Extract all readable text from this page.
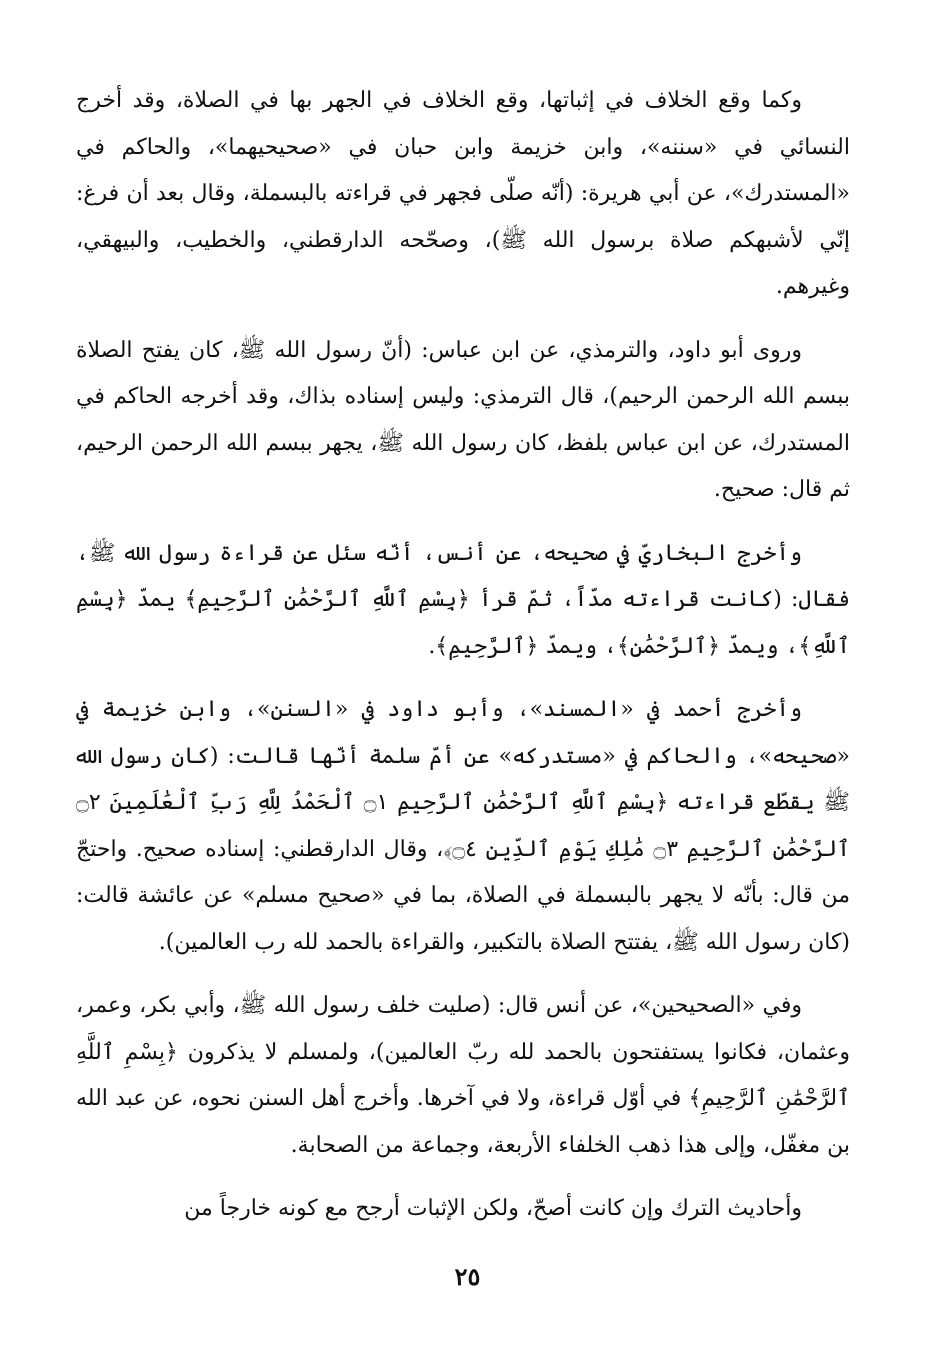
وكما وقع الخلاف في إثباتها، وقع الخلاف في الجهر بها في الصلاة، وقد أخرج النسائي في «سننه»، وابن خزيمة وابن حبان في «صحيحيهما»، والحاكم في «المستدرك»، عن أبي هريرة: (أنّه صلّى فجهر في قراءته بالبسملة، وقال بعد أن فرغ: إنّي لأشبهكم صلاة برسول الله ﷺ)، وصحّحه الدارقطني، والخطيب، والبيهقي، وغيرهم.

وروى أبو داود، والترمذي، عن ابن عباس: (أنّ رسول الله ﷺ، كان يفتح الصلاة ببسم الله الرحمن الرحيم)، قال الترمذي: وليس إسناده بذاك، وقد أخرجه الحاكم في المستدرك، عن ابن عباس بلفظ، كان رسول الله ﷺ، يجهر ببسم الله الرحمن الرحيم، ثم قال: صحيح.

وأخرج البخاريّ في صحيحه، عن أنس، أنّه سئل عن قراءة رسول الله ﷺ، فقال: (كانت قراءته مدّاً، ثمّ قرأ ﴿بِسْمِ ٱللَّهِ ٱلرَّحْمَٰنِ ٱلرَّحِيمِ﴾ يمدّ ﴿بِسْمِ ٱللَّهِ﴾، ويمدّ ﴿ٱلرَّحْمَٰنِ﴾، ويمدّ ﴿ٱلرَّحِيمِ﴾.

وأخرج أحمد في «المسند»، وأبو داود في «السنن»، وابن خزيمة في «صحيحه»، والحاكم في «مستدركه» عن أمّ سلمة أنّها قالت: (كان رسول الله ﷺ يقطّع قراءته ﴿بِسْمِ ٱللَّهِ ٱلرَّحْمَٰنِ ٱلرَّحِيمِ ۝١ ٱلْحَمْدُ لِلَّهِ رَبِّ ٱلْعَٰلَمِينَ ۝٢ ٱلرَّحْمَٰنِ ٱلرَّحِيمِ ۝٣ مَٰلِكِ يَوْمِ ٱلدِّينِ ۝٤﴾، وقال الدارقطني: إسناده صحيح. واحتجّ من قال: بأنّه لا يجهر بالبسملة في الصلاة، بما في «صحيح مسلم» عن عائشة قالت: (كان رسول الله ﷺ، يفتتح الصلاة بالتكبير، والقراءة بالحمد لله رب العالمين).

وفي «الصحيحين»، عن أنس قال: (صليت خلف رسول الله ﷺ، وأبي بكر، وعمر، وعثمان، فكانوا يستفتحون بالحمد لله ربّ العالمين)، ولمسلم لا يذكرون ﴿بِسْمِ ٱللَّهِ ٱلرَّحْمَٰنِ ٱلرَّحِيمِ﴾ في أوّل قراءة، ولا في آخرها. وأخرج أهل السنن نحوه، عن عبد الله بن مغفّل، وإلى هذا ذهب الخلفاء الأربعة، وجماعة من الصحابة.

وأحاديث الترك وإن كانت أصحّ، ولكن الإثبات أرجح مع كونه خارجاً من

٢٥
